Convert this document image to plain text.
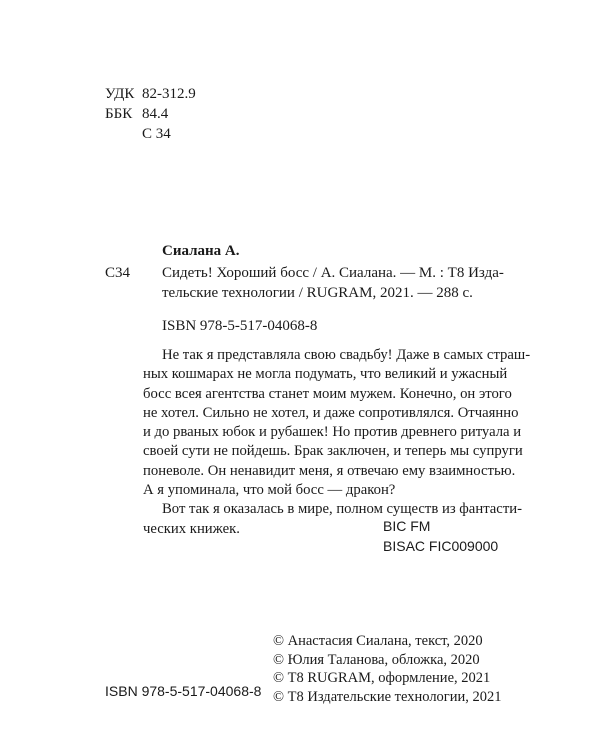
УДК 82-312.9
ББК 84.4
С 34
Сиалана А.
С34 Сидеть! Хороший босс / А. Сиалана. — М. : Т8 Изда-
тельские технологии / RUGRAM, 2021. — 288 с.
ISBN 978-5-517-04068-8
Не так я представляла свою свадьбу! Даже в самых страш-
ных кошмарах не могла подумать, что великий и ужасный
босс всея агентства станет моим мужем. Конечно, он этого
не хотел. Сильно не хотел, и даже сопротивлялся. Отчаянно
и до рваных юбок и рубашек! Но против древнего ритуала и
своей сути не пойдешь. Брак заключен, и теперь мы супруги
поневоле. Он ненавидит меня, я отвечаю ему взаимностью.
А я упоминала, что мой босс — дракон?
Вот так я оказалась в мире, полном существ из фантасти-
ческих книжек.	BIC FM
BISAC FIC009000
ISBN 978-5-517-04068-8
© Анастасия Сиалана, текст, 2020
© Юлия Таланова, обложка, 2020
© Т8 RUGRAM, оформление, 2021
© Т8 Издательские технологии, 2021
